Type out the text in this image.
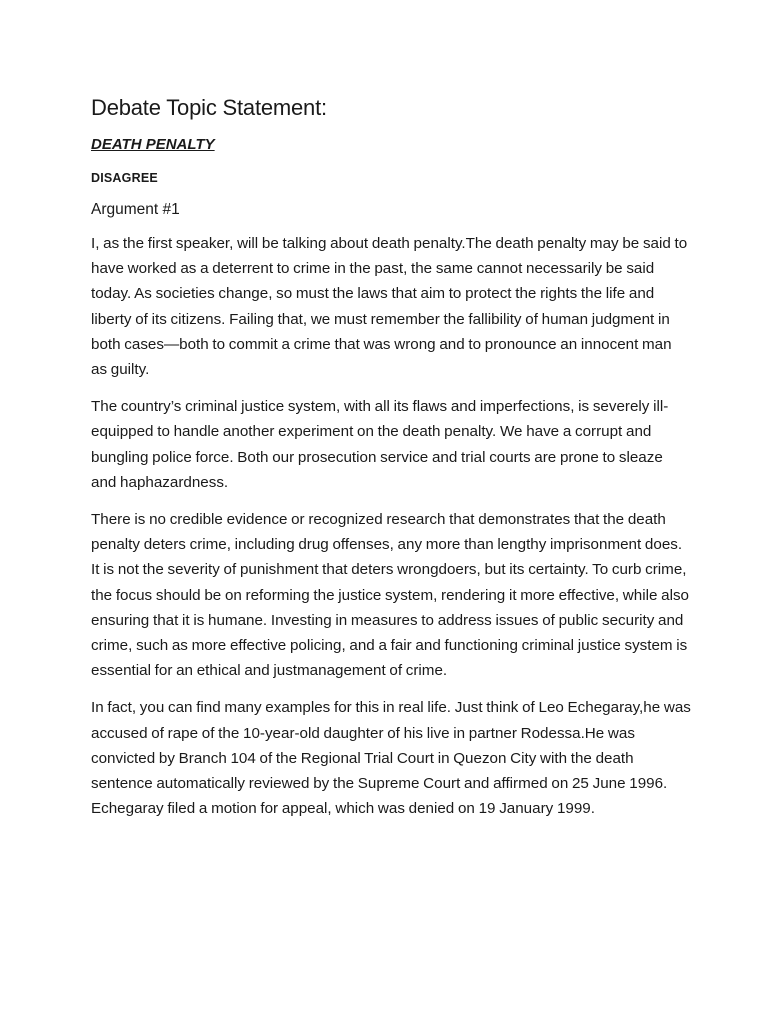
Debate Topic Statement:
DEATH PENALTY
DISAGREE
Argument #1

I, as the first speaker, will be talking about death penalty.The death penalty may be said to have worked as a deterrent to crime in the past, the same cannot necessarily be said today. As societies change, so must the laws that aim to protect the rights the life and liberty of its citizens. Failing that, we must remember the fallibility of human judgment in both cases—both to commit a crime that was wrong and to pronounce an innocent man as guilty.

The country’s criminal justice system, with all its flaws and imperfections, is severely ill-equipped to handle another experiment on the death penalty. We have a corrupt and bungling police force. Both our prosecution service and trial courts are prone to sleaze and haphazardness.

There is no credible evidence or recognized research that demonstrates that the death penalty deters crime, including drug offenses, any more than lengthy imprisonment does. It is not the severity of punishment that deters wrongdoers, but its certainty. To curb crime, the focus should be on reforming the justice system, rendering it more effective, while also ensuring that it is humane. Investing in measures to address issues of public security and crime, such as more effective policing, and a fair and functioning criminal justice system is essential for an ethical and justmanagement of crime.

In fact, you can find many examples for this in real life. Just think of Leo Echegaray,he was accused of rape of the 10-year-old daughter of his live in partner Rodessa.He was convicted by Branch 104 of the Regional Trial Court in Quezon City with the death sentence automatically reviewed by the Supreme Court and affirmed on 25 June 1996. Echegaray filed a motion for appeal, which was denied on 19 January 1999.
